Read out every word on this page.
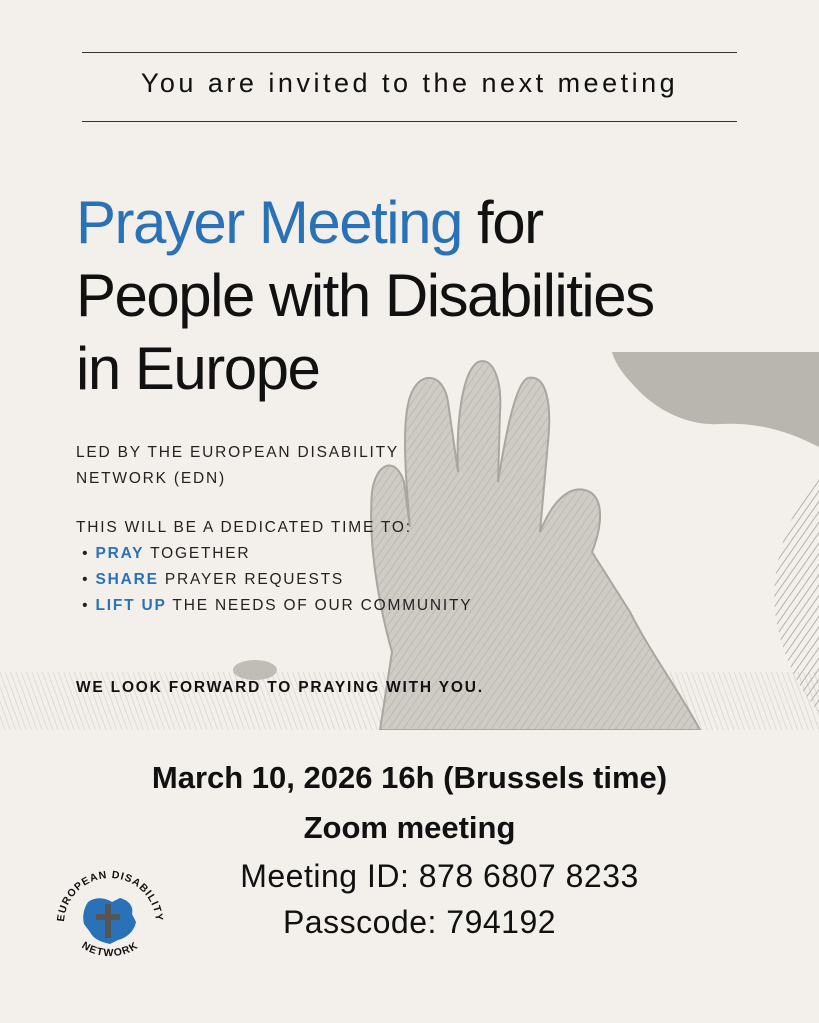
You are invited to the next meeting
Prayer Meeting for
People with Disabilities
in Europe
LED BY THE EUROPEAN DISABILITY NETWORK (EDN)
THIS WILL BE A DEDICATED TIME TO:
• PRAY TOGETHER
• SHARE PRAYER REQUESTS
• LIFT UP THE NEEDS OF OUR COMMUNITY
WE LOOK FORWARD TO PRAYING WITH YOU.
March 10, 2026 16h (Brussels time)
Zoom meeting
Meeting ID: 878 6807 8233
Passcode: 794192
EUROPEAN DISABILITY
NETWORK
